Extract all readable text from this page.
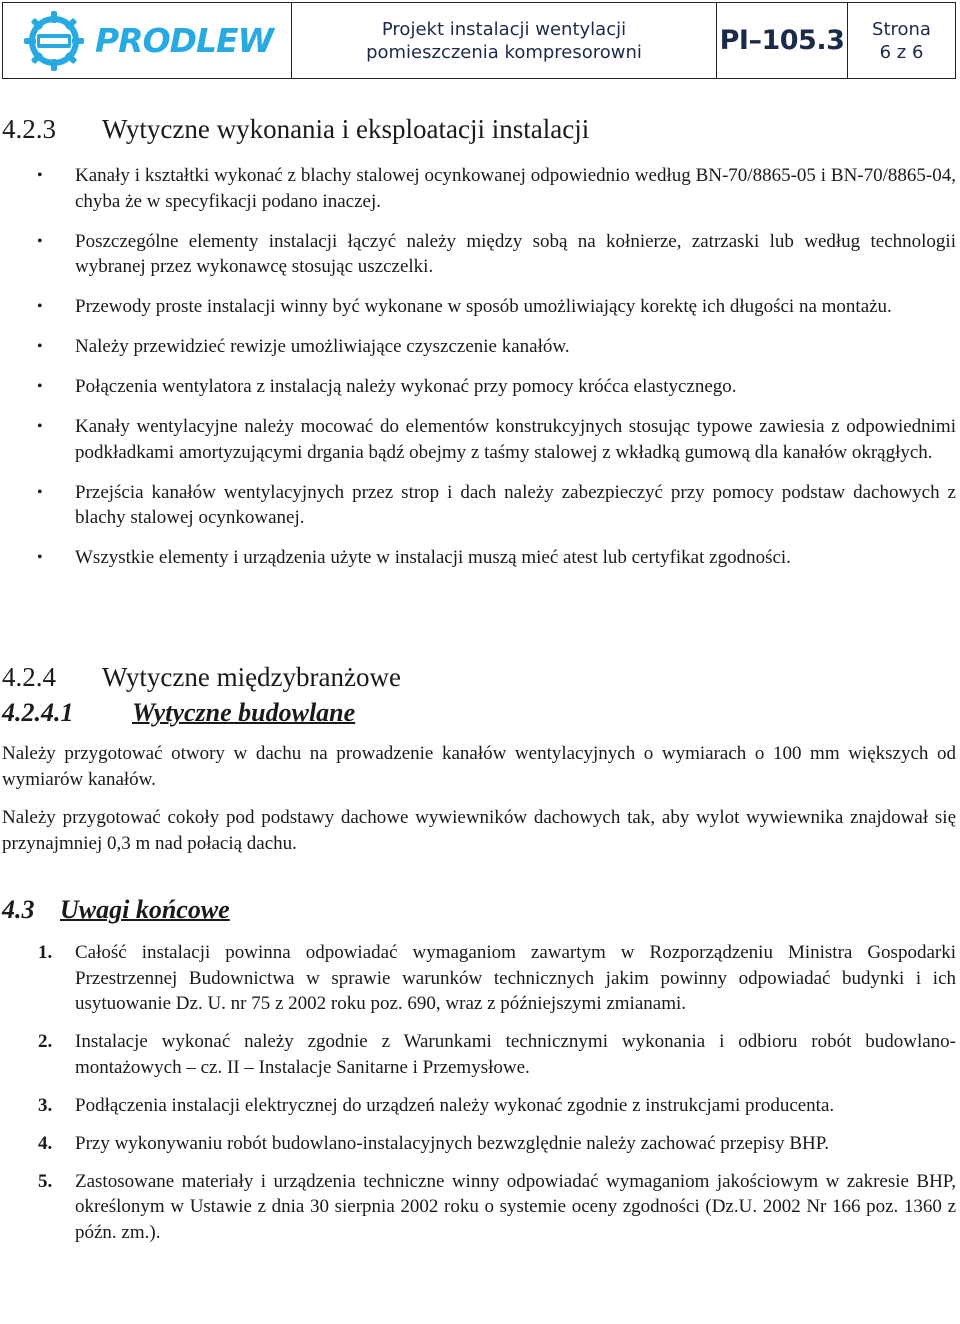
PRODLEW	Projekt instalacji wentylacji
pomieszczenia kompresorowni	PI–105.3 Strona
6 z 6
4.2.3 Wytyczne wykonania i eksploatacji instalacji
• Kanały i kształtki wykonać z blachy stalowej ocynkowanej odpowiednio według BN-70/8865-05 i BN-70/8865-04, chyba że w specyfikacji podano inaczej.
• Poszczególne elementy instalacji łączyć należy między sobą na kołnierze, zatrzaski lub według technologii wybranej przez wykonawcę stosując uszczelki.
• Przewody proste instalacji winny być wykonane w sposób umożliwiający korektę ich długości na montażu.
• Należy przewidzieć rewizje umożliwiające czyszczenie kanałów.
• Połączenia wentylatora z instalacją należy wykonać przy pomocy króćca elastycznego.
• Kanały wentylacyjne należy mocować do elementów konstrukcyjnych stosując typowe zawiesia z odpowiednimi podkładkami amortyzującymi drgania bądź obejmy z taśmy stalowej z wkładką gumową dla kanałów okrągłych.
• Przejścia kanałów wentylacyjnych przez strop i dach należy zabezpieczyć przy pomocy podstaw dachowych z blachy stalowej ocynkowanej.
• Wszystkie elementy i urządzenia użyte w instalacji muszą mieć atest lub certyfikat zgodności.
4.2.4 Wytyczne międzybranżowe
4.2.4.1 Wytyczne budowlane
Należy przygotować otwory w dachu na prowadzenie kanałów wentylacyjnych o wymiarach o 100 mm większych od wymiarów kanałów.
Należy przygotować cokoły pod podstawy dachowe wywiewników dachowych tak, aby wylot wywiewnika znajdował się przynajmniej 0,3 m nad połacią dachu.
4.3 Uwagi końcowe
1. Całość instalacji powinna odpowiadać wymaganiom zawartym w Rozporządzeniu Ministra Gospodarki Przestrzennej Budownictwa w sprawie warunków technicznych jakim powinny odpowiadać budynki i ich usytuowanie Dz. U. nr 75 z 2002 roku poz. 690, wraz z późniejszymi zmianami.
2. Instalacje wykonać należy zgodnie z Warunkami technicznymi wykonania i odbioru robót budowlano-montażowych – cz. II – Instalacje Sanitarne i Przemysłowe.
3. Podłączenia instalacji elektrycznej do urządzeń należy wykonać zgodnie z instrukcjami producenta.
4. Przy wykonywaniu robót budowlano-instalacyjnych bezwzględnie należy zachować przepisy BHP.
5. Zastosowane materiały i urządzenia techniczne winny odpowiadać wymaganiom jakościowym w zakresie BHP, określonym w Ustawie z dnia 30 sierpnia 2002 roku o systemie oceny zgodności (Dz.U. 2002 Nr 166 poz. 1360 z późn. zm.).
